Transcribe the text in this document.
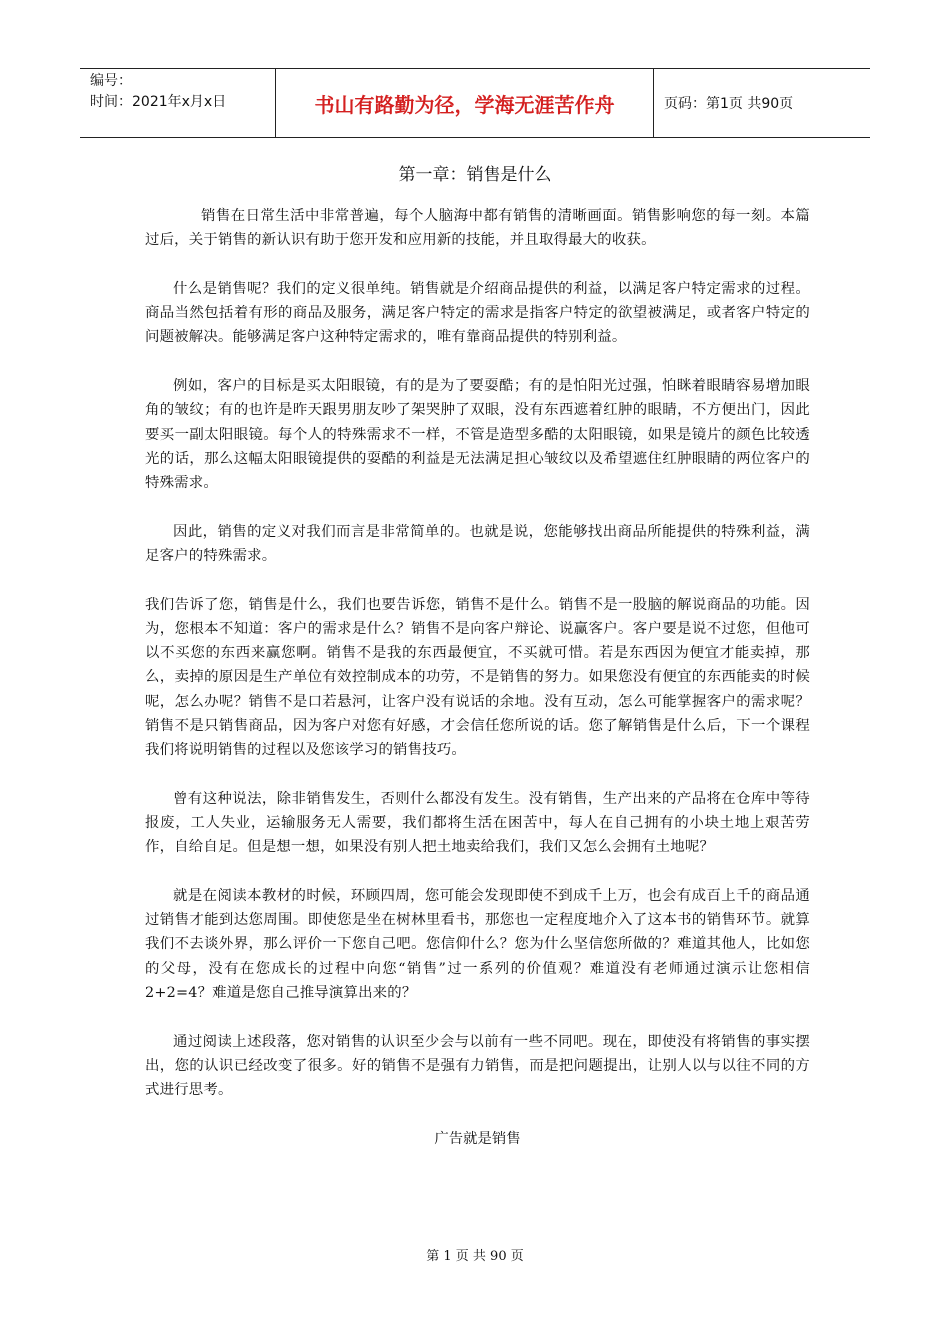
编号：
时间：2021年x月x日	书山有路勤为径，学海无涯苦作舟	页码：第1页 共90页
第一章：销售是什么

销售在日常生活中非常普遍，每个人脑海中都有销售的清晰画面。销售影响您的每一刻。本篇过后，关于销售的新认识有助于您开发和应用新的技能，并且取得最大的收获。

什么是销售呢？我们的定义很单纯。销售就是介绍商品提供的利益，以满足客户特定需求的过程。商品当然包括着有形的商品及服务，满足客户特定的需求是指客户特定的欲望被满足，或者客户特定的问题被解决。能够满足客户这种特定需求的，唯有靠商品提供的特别利益。

例如，客户的目标是买太阳眼镜，有的是为了要耍酷；有的是怕阳光过强，怕眯着眼睛容易增加眼角的皱纹；有的也许是昨天跟男朋友吵了架哭肿了双眼，没有东西遮着红肿的眼睛，不方便出门，因此要买一副太阳眼镜。每个人的特殊需求不一样，不管是造型多酷的太阳眼镜，如果是镜片的颜色比较透光的话，那么这幅太阳眼镜提供的耍酷的利益是无法满足担心皱纹以及希望遮住红肿眼睛的两位客户的特殊需求。

因此，销售的定义对我们而言是非常简单的。也就是说，您能够找出商品所能提供的特殊利益，满足客户的特殊需求。

我们告诉了您，销售是什么，我们也要告诉您，销售不是什么。销售不是一股脑的解说商品的功能。因为，您根本不知道：客户的需求是什么？销售不是向客户辩论、说赢客户。客户要是说不过您，但他可以不买您的东西来赢您啊。销售不是我的东西最便宜，不买就可惜。若是东西因为便宜才能卖掉，那么，卖掉的原因是生产单位有效控制成本的功劳，不是销售的努力。如果您没有便宜的东西能卖的时候呢，怎么办呢？销售不是口若悬河，让客户没有说话的余地。没有互动，怎么可能掌握客户的需求呢？销售不是只销售商品，因为客户对您有好感，才会信任您所说的话。您了解销售是什么后，下一个课程我们将说明销售的过程以及您该学习的销售技巧。

曾有这种说法，除非销售发生，否则什么都没有发生。没有销售，生产出来的产品将在仓库中等待报废，工人失业，运输服务无人需要，我们都将生活在困苦中，每人在自己拥有的小块土地上艰苦劳作，自给自足。但是想一想，如果没有别人把土地卖给我们，我们又怎么会拥有土地呢？

就是在阅读本教材的时候，环顾四周，您可能会发现即使不到成千上万，也会有成百上千的商品通过销售才能到达您周围。即使您是坐在树林里看书，那您也一定程度地介入了这本书的销售环节。就算我们不去谈外界，那么评价一下您自己吧。您信仰什么？您为什么坚信您所做的？难道其他人，比如您的父母，没有在您成长的过程中向您“销售”过一系列的价值观？难道没有老师通过演示让您相信2+2=4？难道是您自己推导演算出来的？

通过阅读上述段落，您对销售的认识至少会与以前有一些不同吧。现在，即使没有将销售的事实摆出，您的认识已经改变了很多。好的销售不是强有力销售，而是把问题提出，让别人以与以往不同的方式进行思考。

广告就是销售
第 1 页 共 90 页
